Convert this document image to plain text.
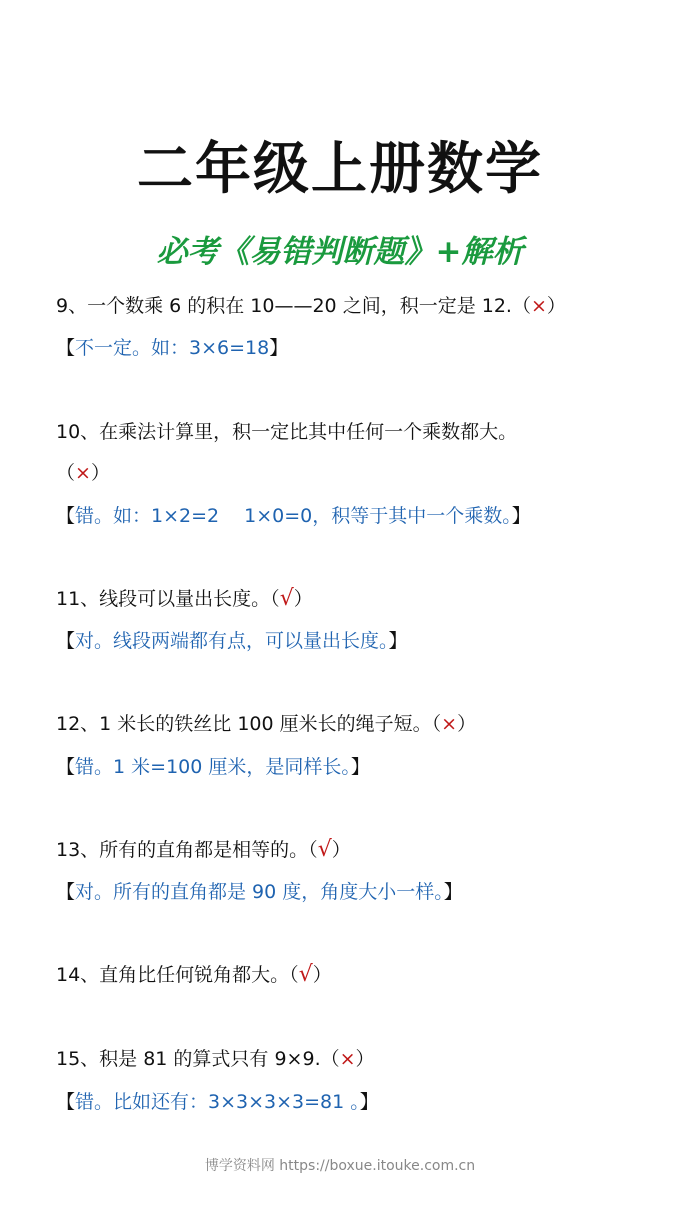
二年级上册数学
必考《易错判断题》+解析
9、一个数乘 6 的积在 10——20 之间，积一定是 12.（×）
【不一定。如：3×6=18】
10、在乘法计算里，积一定比其中任何一个乘数都大。
（×）
【错。如：1×2=2　 1×0=0，积等于其中一个乘数。】
11、线段可以量出长度。（√）
【对。线段两端都有点，可以量出长度。】
12、1 米长的铁丝比 100 厘米长的绳子短。（×）
【错。1 米=100 厘米，是同样长。】
13、所有的直角都是相等的。（√）
【对。所有的直角都是 90 度，角度大小一样。】
14、直角比任何锐角都大。（√）
15、积是 81 的算式只有 9×9.（×）
【错。比如还有：3×3×3×3=81 。】
博学资料网 https://boxue.itouke.com.cn
